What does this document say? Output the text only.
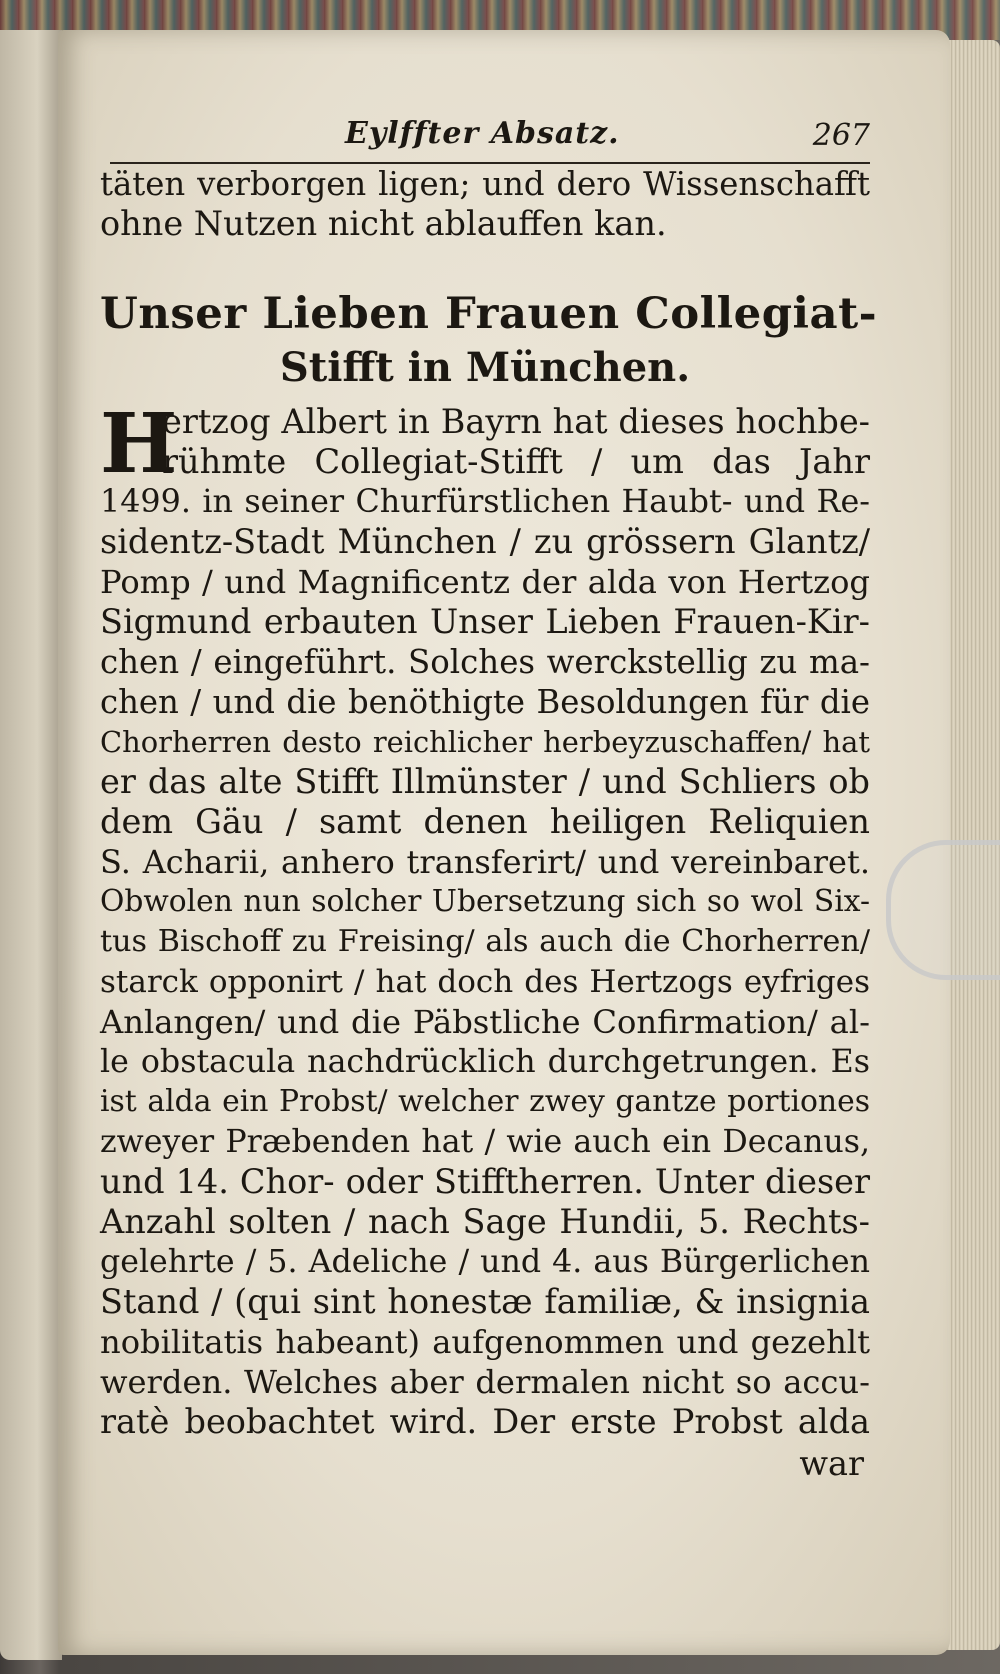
Eylffter Absatz.	267
täten verborgen ligen; und dero Wissenschafft
ohne Nutzen nicht ablauffen kan.
Unser Lieben Frauen Collegiat-
Stifft in München.
H
ertzog Albert in Bayrn hat dieses hochbe-
rühmte Collegiat-Stifft / um das Jahr
1499. in seiner Churfürstlichen Haubt- und Re-
sidentz-Stadt München / zu grössern Glantz/
Pomp / und Magnificentz der alda von Hertzog
Sigmund erbauten Unser Lieben Frauen-Kir-
chen / eingeführt. Solches werckstellig zu ma-
chen / und die benöthigte Besoldungen für die
Chorherren desto reichlicher herbeyzuschaffen/ hat
er das alte Stifft Illmünster / und Schliers ob
dem Gäu / samt denen heiligen Reliquien
S. Acharii, anhero transferirt/ und vereinbaret.
Obwolen nun solcher Ubersetzung sich so wol Six-
tus Bischoff zu Freising/ als auch die Chorherren/
starck opponirt / hat doch des Hertzogs eyfriges
Anlangen/ und die Päbstliche Confirmation/ al-
le obstacula nachdrücklich durchgetrungen. Es
ist alda ein Probst/ welcher zwey gantze portiones
zweyer Præbenden hat / wie auch ein Decanus,
und 14. Chor- oder Stifftherren. Unter dieser
Anzahl solten / nach Sage Hundii, 5. Rechts-
gelehrte / 5. Adeliche / und 4. aus Bürgerlichen
Stand / (qui sint honestæ familiæ, & insignia
nobilitatis habeant) aufgenommen und gezehlt
werden. Welches aber dermalen nicht so accu-
ratè beobachtet wird. Der erste Probst alda
war
